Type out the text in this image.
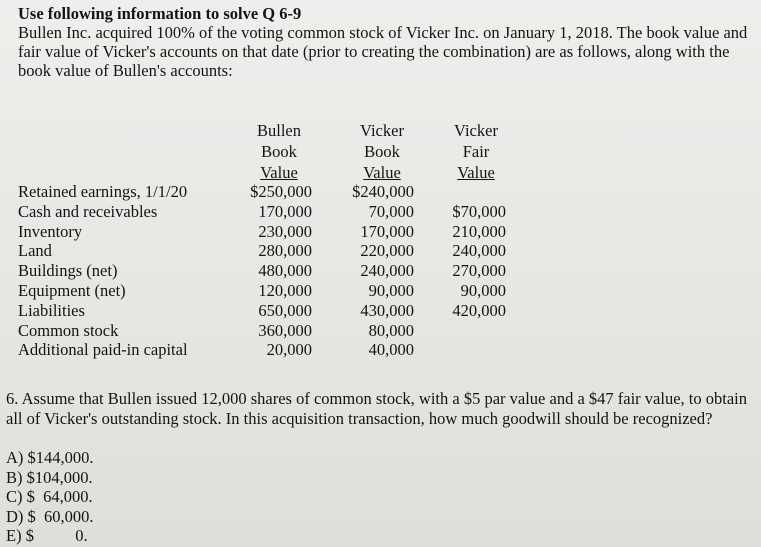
Use following information to solve Q 6-9
Bullen Inc. acquired 100% of the voting common stock of Vicker Inc. on January 1, 2018. The book value and fair value of Vicker's accounts on that date (prior to creating the combination) are as follows, along with the book value of Bullen's accounts:
Bullen
Book
Value
Vicker
Book
Value
Vicker
Fair
Value
Retained earnings, 1/1/20
Cash and receivables
Inventory
Land
Buildings (net)
Equipment (net)
Liabilities
Common stock
Additional paid-in capital
$250,000
170,000
230,000
280,000
480,000
120,000
650,000
360,000
20,000
$240,000
70,000
170,000
220,000
240,000
90,000
430,000
80,000
40,000
$70,000
210,000
240,000
270,000
90,000
420,000
6. Assume that Bullen issued 12,000 shares of common stock, with a $5 par value and a $47 fair value, to obtain all of Vicker's outstanding stock. In this acquisition transaction, how much goodwill should be recognized?
A) $144,000.
B) $104,000.
C) $  64,000.
D) $  60,000.
E) $          0.
